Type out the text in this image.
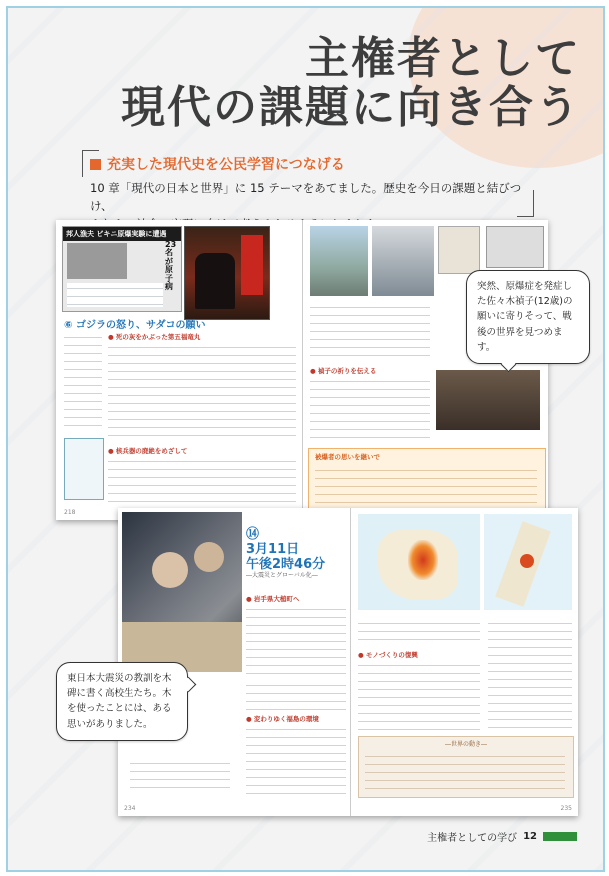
主権者として
現代の課題に向き合う
充実した現代史を公民学習につなげる

10 章「現代の日本と世界」に 15 テーマをあてました。歴史を今日の課題と結びつけ、

邦人漁夫 ビキニ原爆実験に遭遇
23名が原子病
⑥ ゴジラの怒り、サダコの願い
● 死の灰をかぶった第五福竜丸
● 核兵器の廃絶をめざして
218
● 禎子の祈りを伝える
被爆者の思いを継いで
⑭
3月11日
午後2時46分
―大震災とグローバル化―
● 岩手県大槌町へ
● 変わりゆく福島の環境
234
● モノづくりの復興
―世界の動き―
235
突然、原爆症を発症した佐々木禎子(12歳)の願いに寄りそって、戦後の世界を見つめます。
東日本大震災の教訓を木碑に書く高校生たち。木を使ったことには、ある思いがありました。
主権者としての学び 12
